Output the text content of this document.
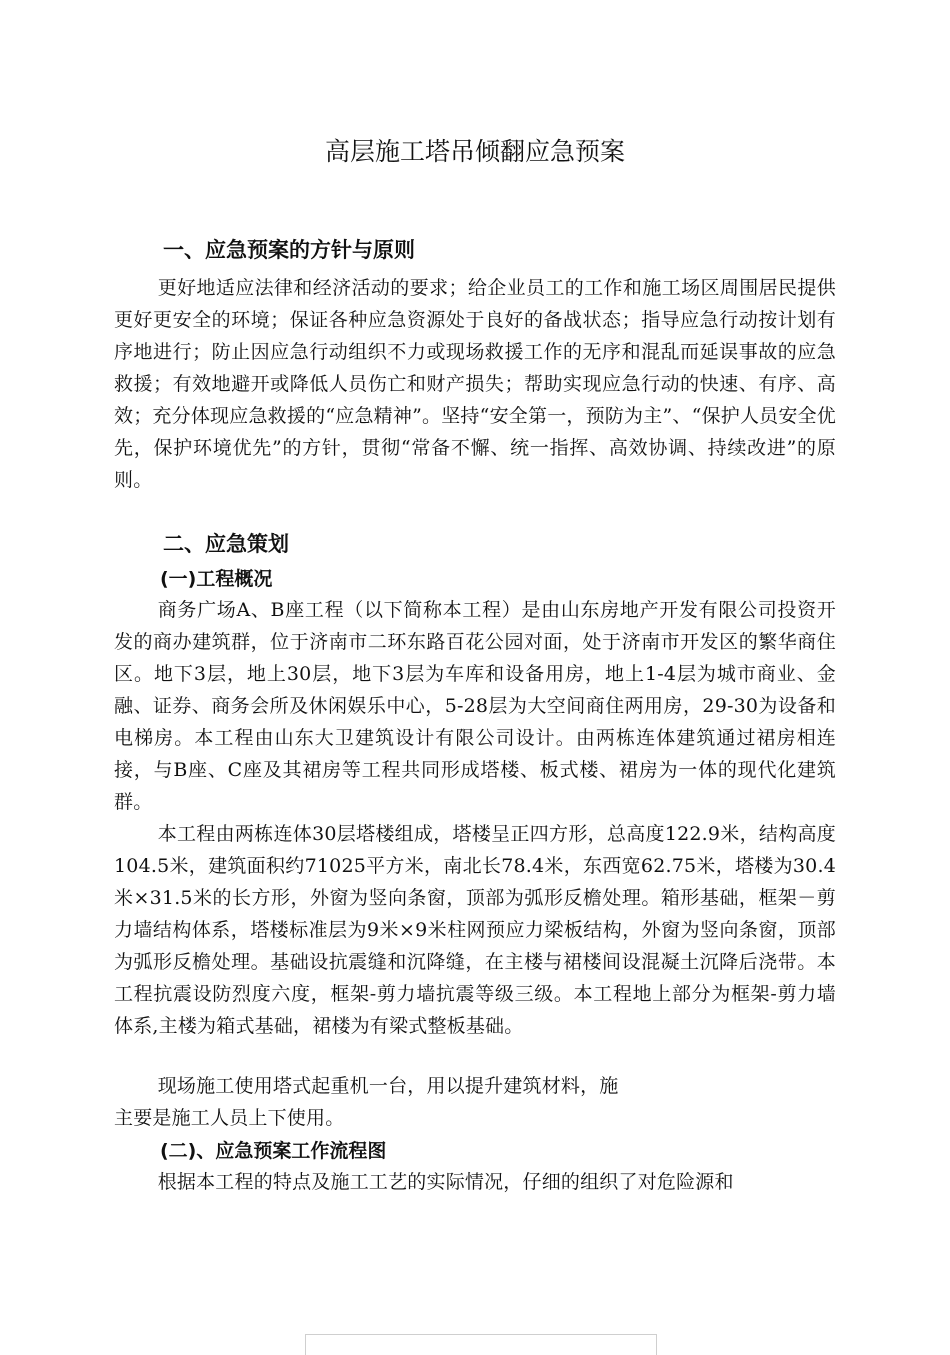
高层施工塔吊倾翻应急预案
一、应急预案的方针与原则

更好地适应法律和经济活动的要求；给企业员工的工作和施工场区周围居民提供更好更安全的环境；保证各种应急资源处于良好的备战状态；指导应急行动按计划有序地进行；防止因应急行动组织不力或现场救援工作的无序和混乱而延误事故的应急救援；有效地避开或降低人员伤亡和财产损失；帮助实现应急行动的快速、有序、高效；充分体现应急救援的“应急精神”。坚持“安全第一，预防为主”、“保护人员安全优先，保护环境优先”的方针，贯彻“常备不懈、统一指挥、高效协调、持续改进”的原则。

二、应急策划
(一)工程概况

商务广场A、B座工程（以下简称本工程）是由山东房地产开发有限公司投资开发的商办建筑群，位于济南市二环东路百花公园对面，处于济南市开发区的繁华商住区。地下3层，地上30层，地下3层为车库和设备用房，地上1-4层为城市商业、金融、证券、商务会所及休闲娱乐中心，5-28层为大空间商住两用房，29-30为设备和电梯房。本工程由山东大卫建筑设计有限公司设计。由两栋连体建筑通过裙房相连接，与B座、C座及其裙房等工程共同形成塔楼、板式楼、裙房为一体的现代化建筑群。

本工程由两栋连体30层塔楼组成，塔楼呈正四方形，总高度122.9米，结构高度104.5米，建筑面积约71025平方米，南北长78.4米，东西宽62.75米，塔楼为30.4米×31.5米的长方形，外窗为竖向条窗，顶部为弧形反檐处理。箱形基础，框架－剪力墙结构体系，塔楼标准层为9米×9米柱网预应力梁板结构，外窗为竖向条窗，顶部为弧形反檐处理。基础设抗震缝和沉降缝，在主楼与裙楼间设混凝土沉降后浇带。本工程抗震设防烈度六度，框架-剪力墙抗震等级三级。本工程地上部分为框架-剪力墙体系,主楼为箱式基础，裙楼为有梁式整板基础。

现场施工使用塔式起重机一台，用以提升建筑材料，施

主要是施工人员上下使用。

(二)、应急预案工作流程图

根据本工程的特点及施工工艺的实际情况，仔细的组织了对危险源和
